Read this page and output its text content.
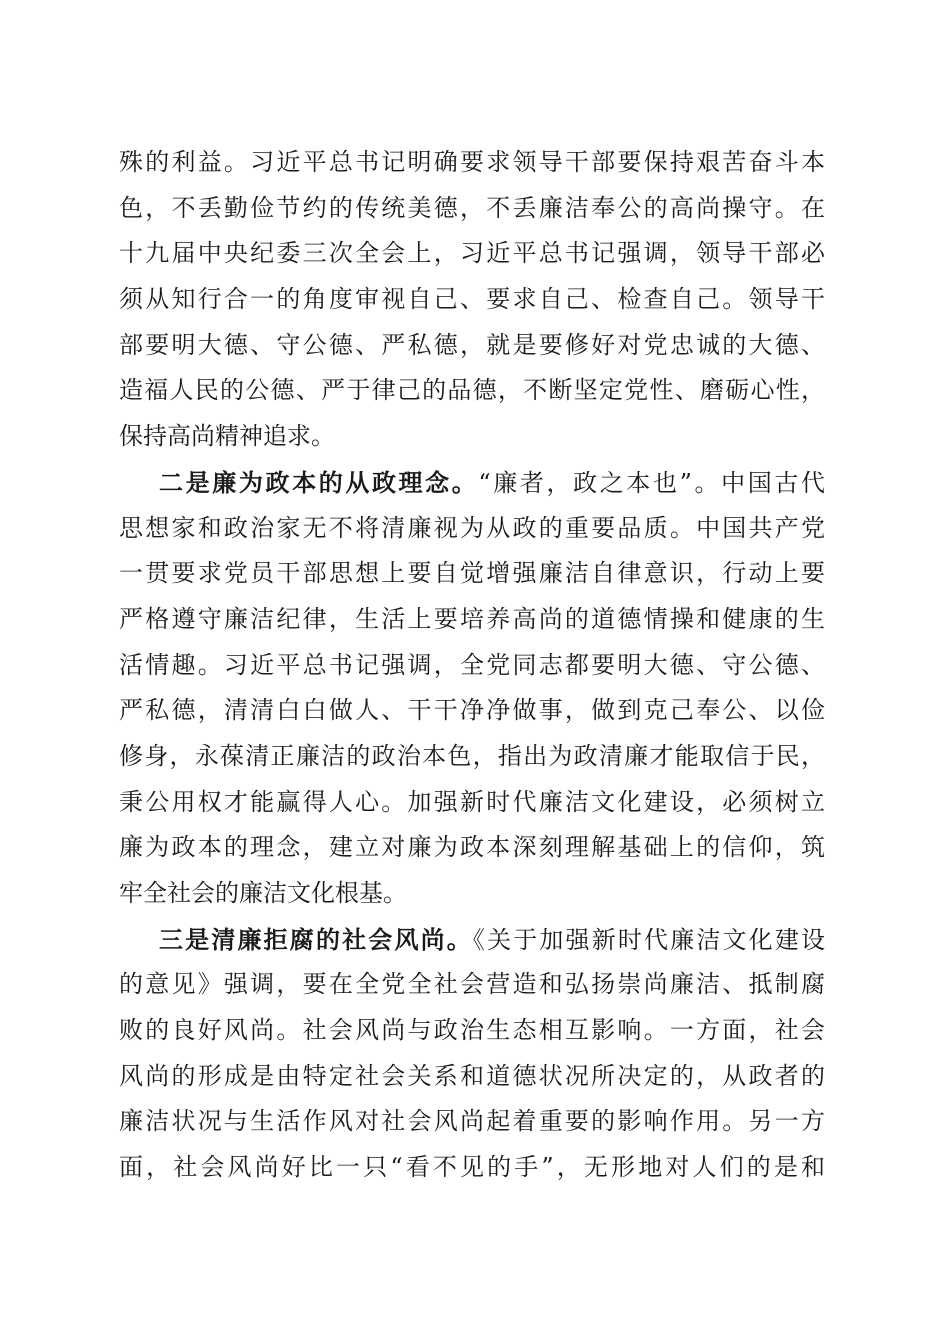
殊的利益。习近平总书记明确要求领导干部要保持艰苦奋斗本
色，不丢勤俭节约的传统美德，不丢廉洁奉公的高尚操守。在
十九届中央纪委三次全会上，习近平总书记强调，领导干部必
须从知行合一的角度审视自己、要求自己、检查自己。领导干
部要明大德、守公德、严私德，就是要修好对党忠诚的大德、
造福人民的公德、严于律己的品德，不断坚定党性、磨砺心性，
保持高尚精神追求。
二是廉为政本的从政理念。“廉者，政之本也”。中国古代
思想家和政治家无不将清廉视为从政的重要品质。中国共产党
一贯要求党员干部思想上要自觉增强廉洁自律意识，行动上要
严格遵守廉洁纪律，生活上要培养高尚的道德情操和健康的生
活情趣。习近平总书记强调，全党同志都要明大德、守公德、
严私德，清清白白做人、干干净净做事，做到克己奉公、以俭
修身，永葆清正廉洁的政治本色，指出为政清廉才能取信于民，
秉公用权才能赢得人心。加强新时代廉洁文化建设，必须树立
廉为政本的理念，建立对廉为政本深刻理解基础上的信仰，筑
牢全社会的廉洁文化根基。
三是清廉拒腐的社会风尚。《关于加强新时代廉洁文化建设
的意见》强调，要在全党全社会营造和弘扬崇尚廉洁、抵制腐
败的良好风尚。社会风尚与政治生态相互影响。一方面，社会
风尚的形成是由特定社会关系和道德状况所决定的，从政者的
廉洁状况与生活作风对社会风尚起着重要的影响作用。另一方
面，社会风尚好比一只“看不见的手”，无形地对人们的是和
